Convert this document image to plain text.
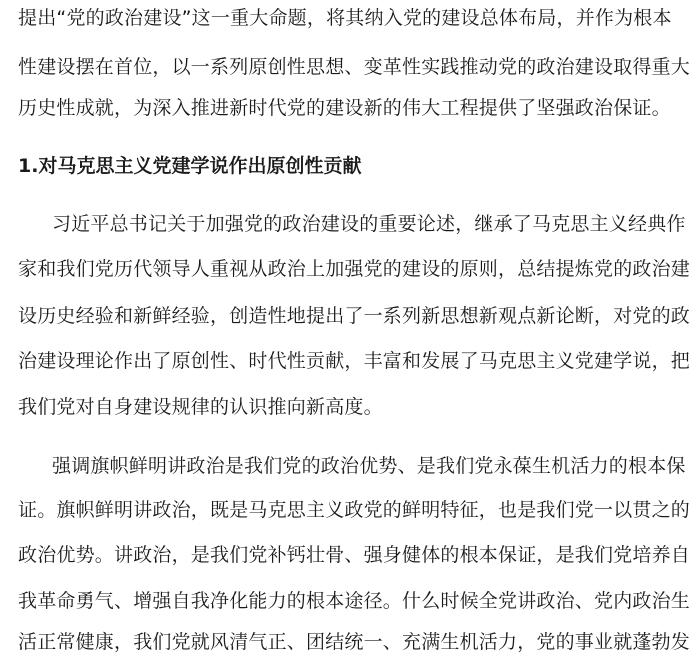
提出“党的政治建设”这一重大命题，将其纳入党的建设总体布局，并作为根本
性建设摆在首位，以一系列原创性思想、变革性实践推动党的政治建设取得重大
历史性成就，为深入推进新时代党的建设新的伟大工程提供了坚强政治保证。
1.对马克思主义党建学说作出原创性贡献
习近平总书记关于加强党的政治建设的重要论述，继承了马克思主义经典作
家和我们党历代领导人重视从政治上加强党的建设的原则，总结提炼党的政治建
设历史经验和新鲜经验，创造性地提出了一系列新思想新观点新论断，对党的政
治建设理论作出了原创性、时代性贡献，丰富和发展了马克思主义党建学说，把
我们党对自身建设规律的认识推向新高度。
强调旗帜鲜明讲政治是我们党的政治优势、是我们党永葆生机活力的根本保
证。旗帜鲜明讲政治，既是马克思主义政党的鲜明特征，也是我们党一以贯之的
政治优势。讲政治，是我们党补钙壮骨、强身健体的根本保证，是我们党培养自
我革命勇气、增强自我净化能力的根本途径。什么时候全党讲政治、党内政治生
活正常健康，我们党就风清气正、团结统一、充满生机活力，党的事业就蓬勃发
